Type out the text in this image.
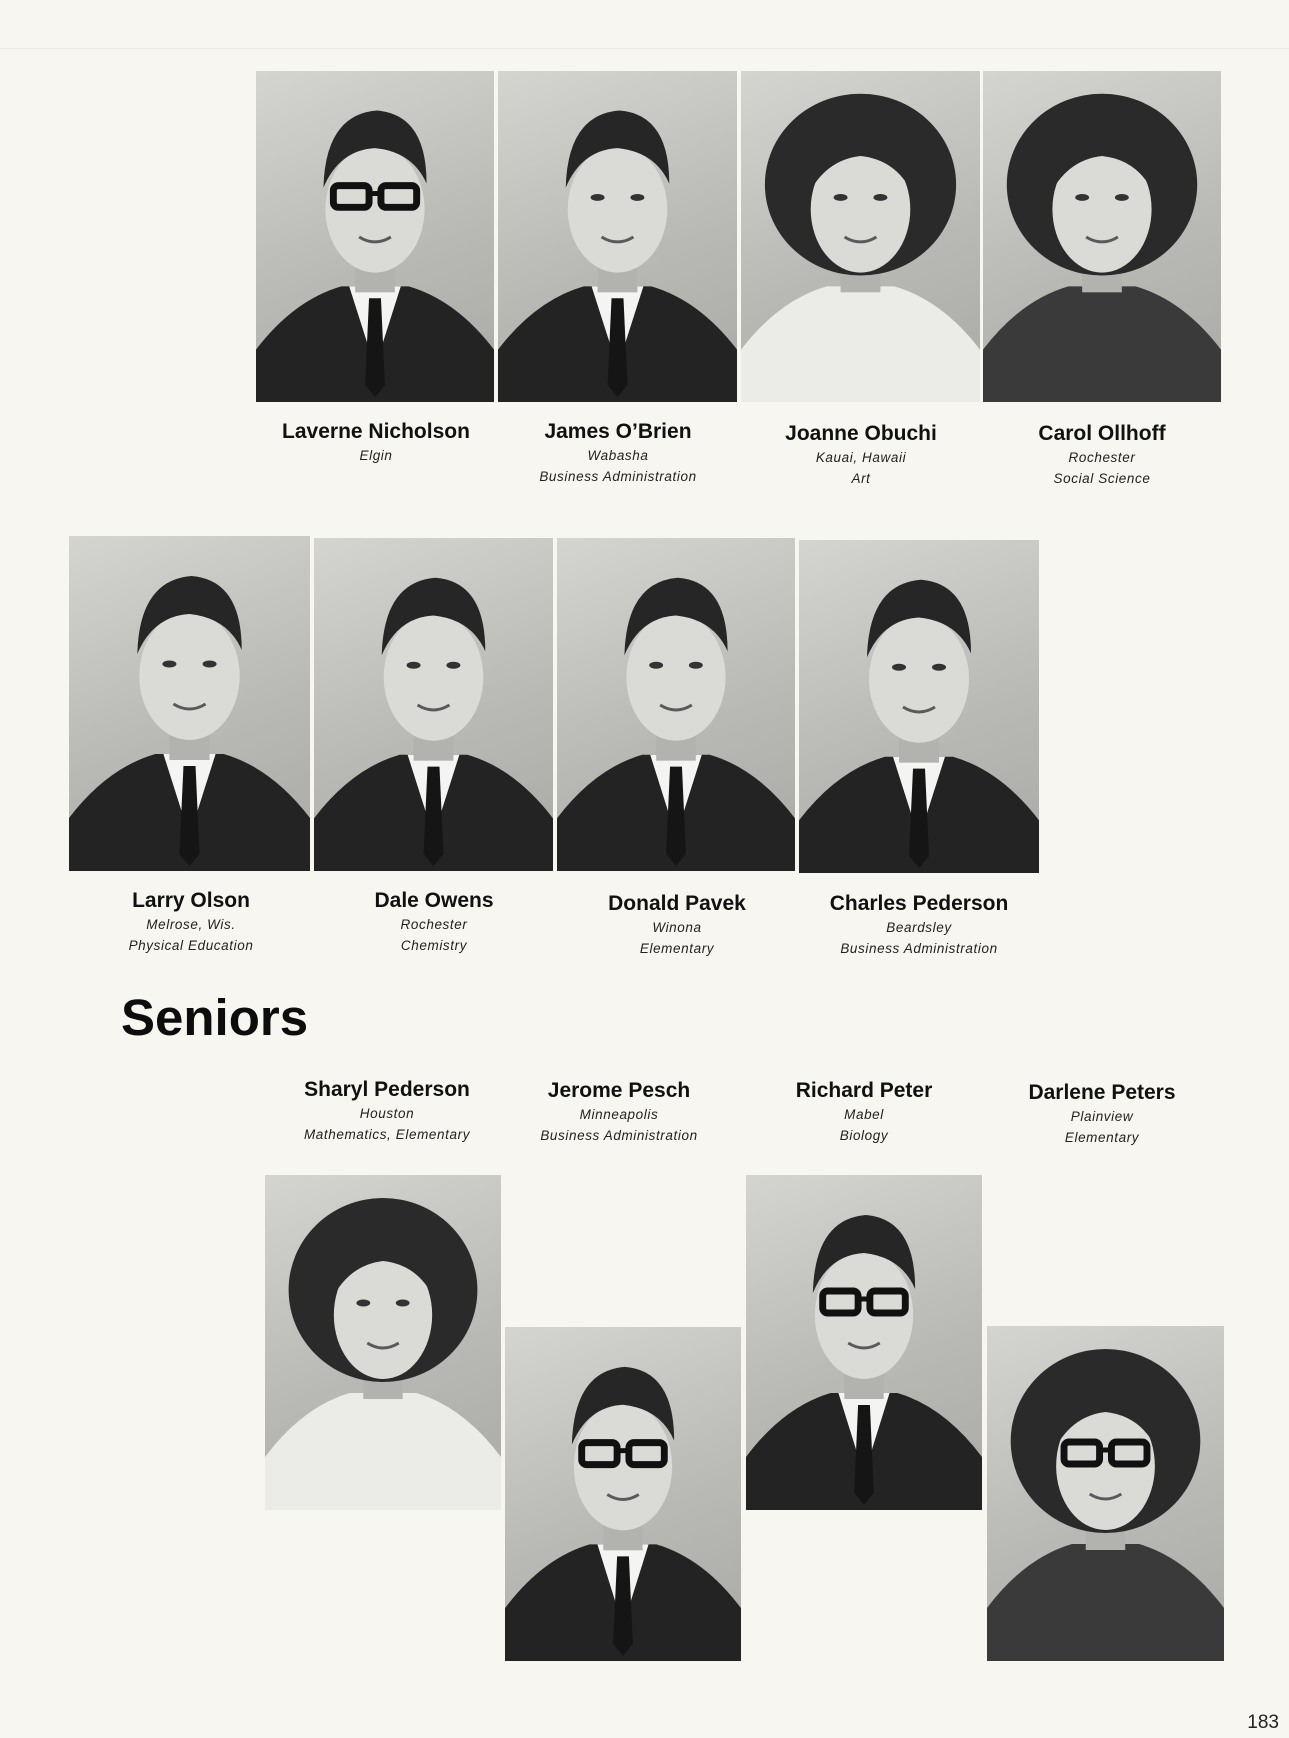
Laverne Nicholson
Elgin
James O’Brien
Wabasha
Business Administration
Joanne Obuchi
Kauai, Hawaii
Art
Carol Ollhoff
Rochester
Social Science
Larry Olson
Melrose, Wis.
Physical Education
Dale Owens
Rochester
Chemistry
Donald Pavek
Winona
Elementary
Charles Pederson
Beardsley
Business Administration
Seniors
Sharyl Pederson
Houston
Mathematics, Elementary
Jerome Pesch
Minneapolis
Business Administration
Richard Peter
Mabel
Biology
Darlene Peters
Plainview
Elementary
183
